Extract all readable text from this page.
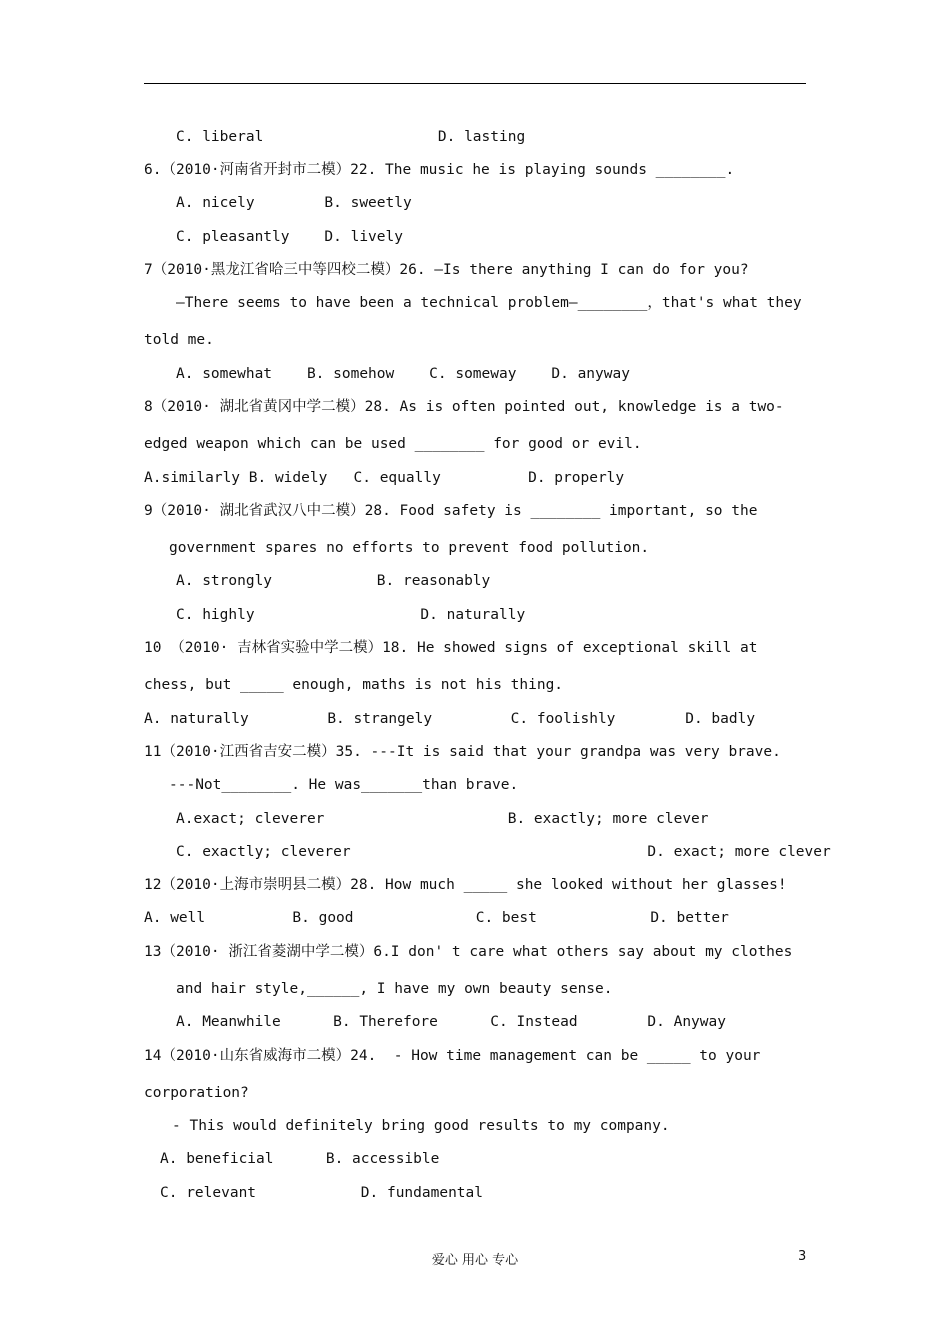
C. liberal                    D. lasting
6.（2010·河南省开封市二模）22. The music he is playing sounds ________.
A. nicely        B. sweetly
C. pleasantly    D. lively
7（2010·黑龙江省哈三中等四校二模）26. —Is there anything I can do for you?
—There seems to have been a technical problem—________，that's what they
told me.
A. somewhat    B. somehow    C. someway    D. anyway
8（2010· 湖北省黄冈中学二模）28. As is often pointed out, knowledge is a two-
edged weapon which can be used ________ for good or evil.
A.similarly B. widely   C. equally          D. properly
9（2010· 湖北省武汉八中二模）28. Food safety is ________ important, so the
government spares no efforts to prevent food pollution.
A. strongly            B. reasonably
C. highly                   D. naturally
10 （2010· 吉林省实验中学二模）18. He showed signs of exceptional skill at
chess, but _____ enough, maths is not his thing.
A. naturally         B. strangely         C. foolishly        D. badly
11（2010·江西省吉安二模）35. ---It is said that your grandpa was very brave.
---Not________. He was_______than brave.
A.exact; cleverer                     B. exactly; more clever
C. exactly; cleverer                                  D. exact; more clever
12（2010·上海市崇明县二模）28. How much _____ she looked without her glasses!
A. well          B. good              C. best             D. better
13（2010· 浙江省菱湖中学二模）6.I don' t care what others say about my clothes
and hair style,______, I have my own beauty sense.
A. Meanwhile      B. Therefore      C. Instead        D. Anyway
14（2010·山东省威海市二模）24.  - How time management can be _____ to your
corporation?
- This would definitely bring good results to my company.
A. beneficial      B. accessible
C. relevant            D. fundamental
爱心 用心 专心	3
